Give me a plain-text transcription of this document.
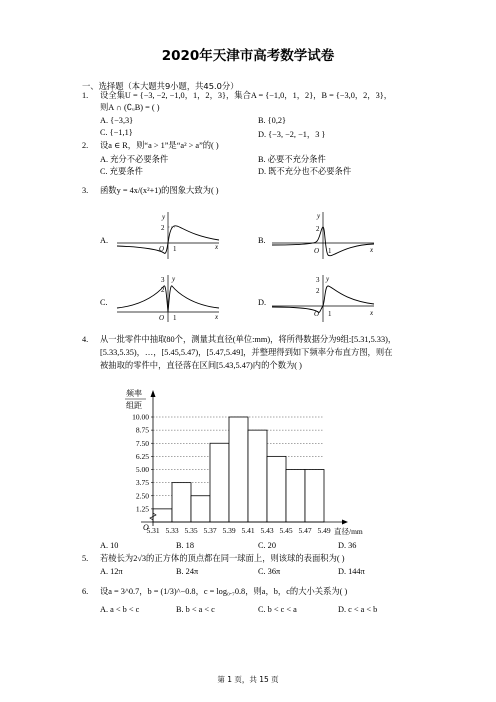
2020年天津市高考数学试卷
一、选择题（本大题共9小题，共45.0分）
1. 设全集U = {−3, −2, −1,0，1，2，3}，集合A = {−1,0，1，2}，B = {−3,0，2，3}，
则A ∩ (∁ᵤB) = ( )
A. {−3,3}	B. {0,2}
C. {−1,1}	D. {−3, −2, −1，3 }
2. 设a ∈ R，则“a > 1”是“a² > a”的( )
A. 充分不必要条件	B. 必要不充分条件
C. 充要条件	D. 既不充分也不必要条件
3. 函数y = 4x/(x²+1)的图象大致为( )
A.	B.
C.	D.
y
2
O 1	x
y
2
O 1	x
3
2
y
O 1	x
3
2
y
O 1	x
4. 从一批零件中抽取80个，测量其直径(单位:mm)，将所得数据分为9组:[5.31,5.33)，
[5.33,5.35)，…，[5.45,5.47)，[5.47,5.49]，并整理得到如下频率分布直方图，则在
被抽取的零件中，直径落在区间[5.43,5.47)内的个数为( )
1.25
2.50
3.75
5.00
6.25
7.50
8.75
10.00
5.31 5.33 5.35 5.37 5.39 5.41 5.43 5.45 5.47 5.49 直径/mm
频率
组距
O
A. 10	B. 18	C. 20	D. 36
5. 若棱长为2√3的正方体的顶点都在同一球面上，则该球的表面积为( )
A. 12π	B. 24π	C. 36π	D. 144π
6. 设a = 3^0.7，b = (1/3)^−0.8，c = log₀.₇0.8，则a，b，c的大小关系为( )
A. a < b < c	B. b < a < c	C. b < c < a	D. c < a < b
第 1 页，共 15 页
